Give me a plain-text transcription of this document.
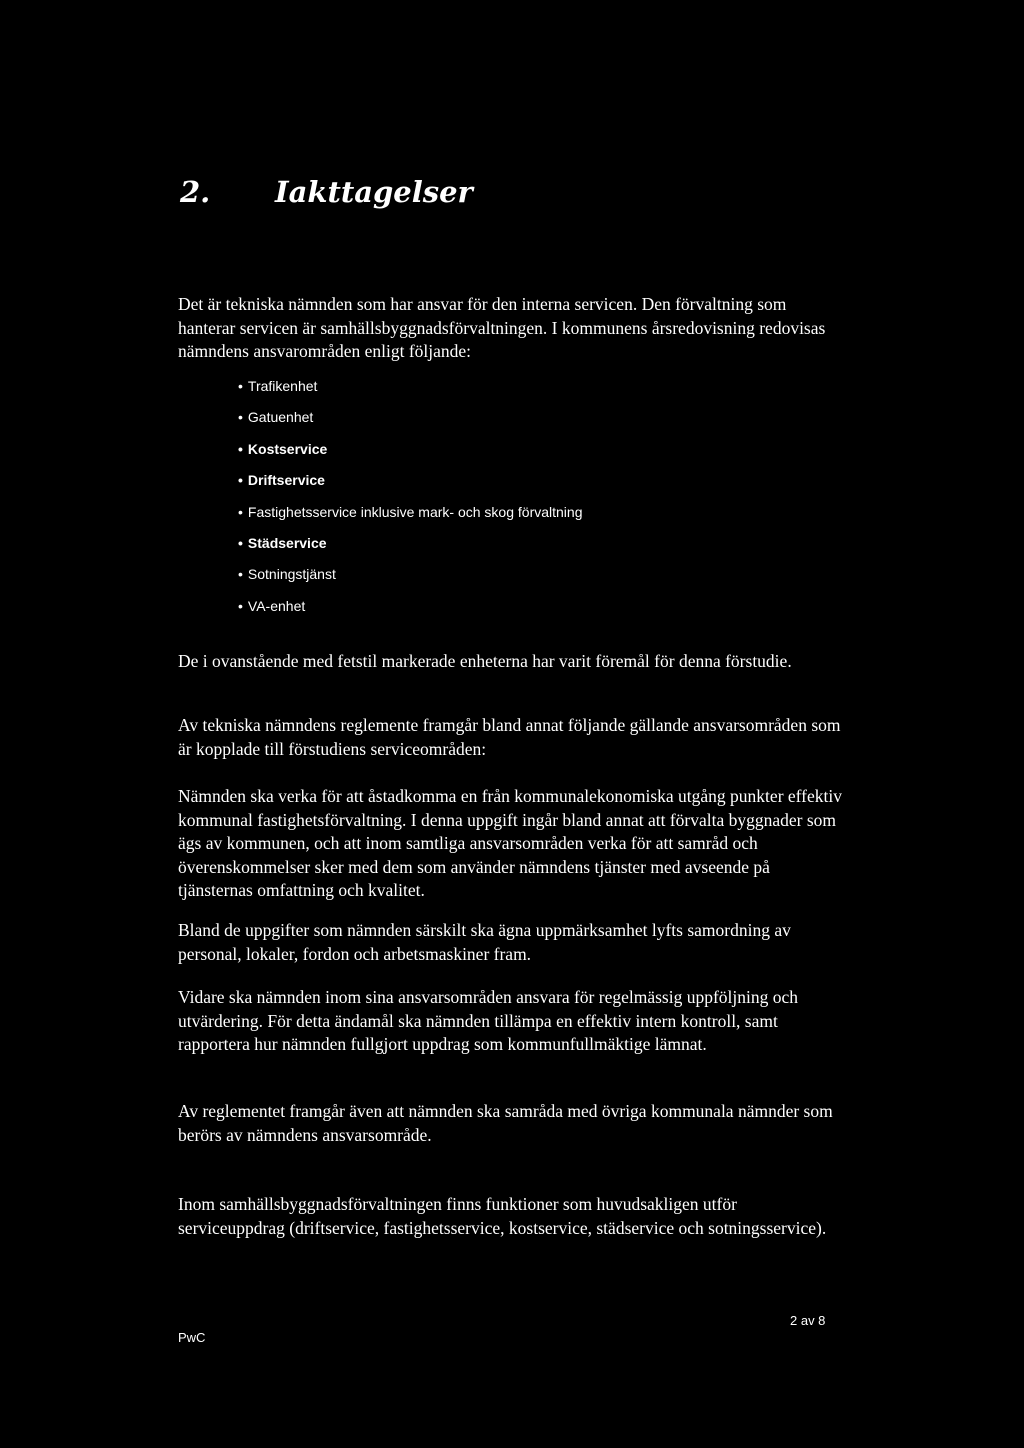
2. Iakttagelser

Det är tekniska nämnden som har ansvar för den interna servicen. Den förvaltning som hanterar servicen är samhällsbyggnadsförvaltningen. I kommunens årsredovisning redovisas nämndens ansvarområden enligt följande:

• Trafikenhet
• Gatuenhet
• Kostservice
• Driftservice
• Fastighetsservice inklusive mark- och skog förvaltning
• Städservice
• Sotningstjänst
• VA-enhet

De i ovanstående med fetstil markerade enheterna har varit föremål för denna förstudie.

Av tekniska nämndens reglemente framgår bland annat följande gällande ansvarsområden som är kopplade till förstudiens serviceområden:

Nämnden ska verka för att åstadkomma en från kommunalekonomiska utgång punkter effektiv kommunal fastighetsförvaltning. I denna uppgift ingår bland annat att förvalta byggnader som ägs av kommunen, och att inom samtliga ansvarsområden verka för att samråd och överenskommelser sker med dem som använder nämndens tjänster med avseende på tjänsternas omfattning och kvalitet.

Bland de uppgifter som nämnden särskilt ska ägna uppmärksamhet lyfts samordning av personal, lokaler, fordon och arbetsmaskiner fram.

Vidare ska nämnden inom sina ansvarsområden ansvara för regelmässig uppföljning och utvärdering. För detta ändamål ska nämnden tillämpa en effektiv intern kontroll, samt rapportera hur nämnden fullgjort uppdrag som kommunfullmäktige lämnat.

Av reglementet framgår även att nämnden ska samråda med övriga kommunala nämnder som berörs av nämndens ansvarsområde.

Inom samhällsbyggnadsförvaltningen finns funktioner som huvudsakligen utför serviceuppdrag (driftservice, fastighetsservice, kostservice, städservice och sotningsservice).

PwC
2 av 8
